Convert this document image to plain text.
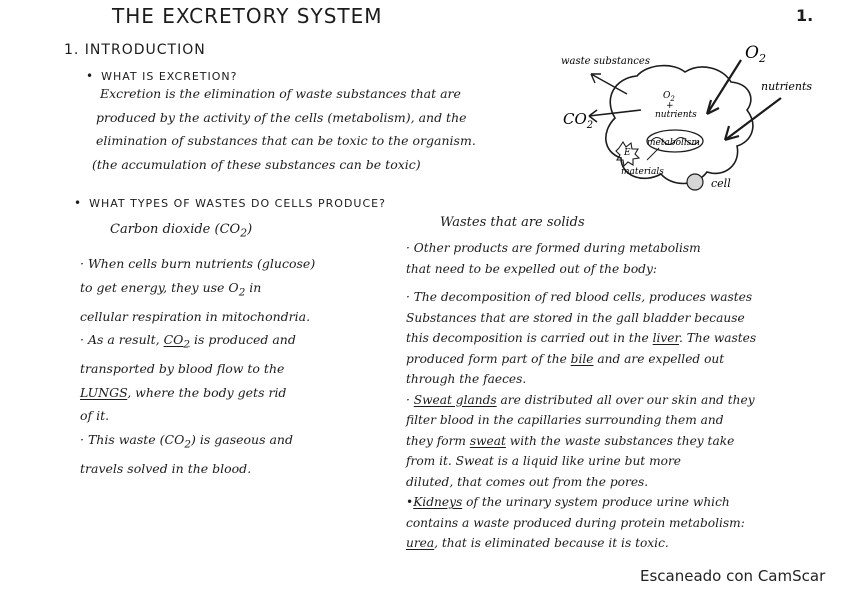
THE EXCRETORY SYSTEM	1.
1. INTRODUCTION
• WHAT IS EXCRETION?
Excretion is the elimination of waste substances that are
produced by the activity of the cells (metabolism), and the
elimination of substances that can be toxic to the organism.
(the accumulation of these substances can be toxic)
waste substances	$O_2$
nutrients
$CO_2$
$O_2$
+
nutrients
metabolism
E
materials
cell
• WHAT TYPES OF WASTES DO CELLS PRODUCE?
Carbon dioxide $(CO_2)$
· When cells burn nutrients (glucose)
to get energy, they use $O_2$ in
cellular respiration in mitochondria.
· As a result, $CO_2$ is produced and
transported by blood flow to the
LUNGS, where the body gets rid
of it.
· This waste $(CO_2)$ is gaseous and
travels solved in the blood.
Wastes that are solids
· Other products are formed during metabolism
that need to be expelled out of the body:
· The decomposition of red blood cells, produces wastes
Substances that are stored in the gall bladder because
this decomposition is carried out in the liver. The wastes
produced form part of the bile and are expelled out
through the faeces.
· Sweat glands are distributed all over our skin and they
filter blood in the capillaries surrounding them and
they form sweat with the waste substances they take
from it. Sweat is a liquid like urine but more
diluted, that comes out from the pores.
•Kidneys of the urinary system produce urine which
contains a waste produced during protein metabolism:
urea, that is eliminated because it is toxic.
Escaneado con CamScar
